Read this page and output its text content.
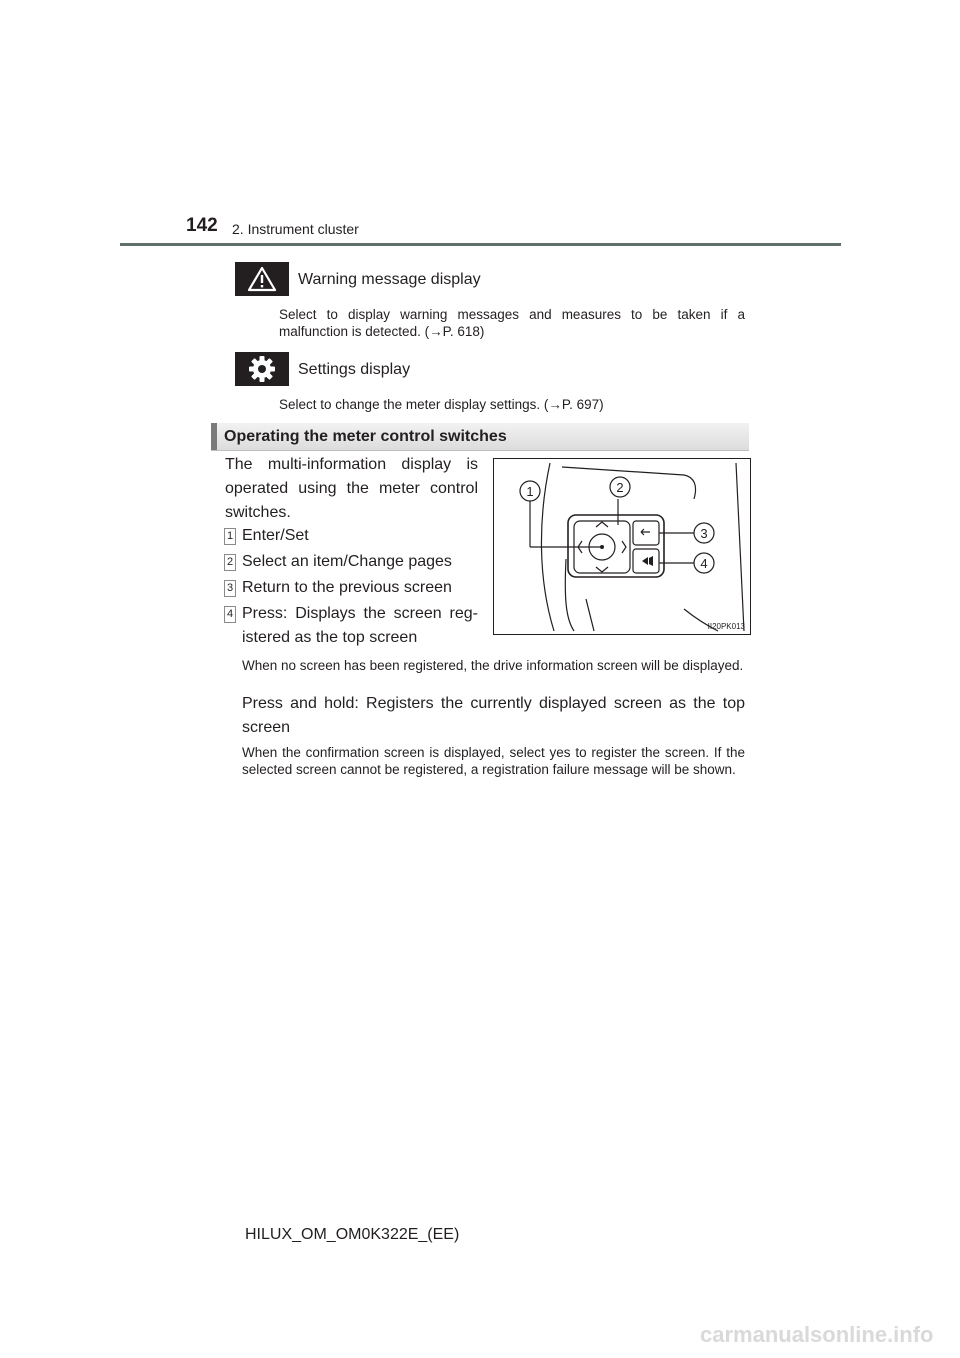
142 2. Instrument cluster
Warning message display
Select to display warning messages and measures to be taken if a malfunction is detected. (→P. 618)
Settings display
Select to change the meter display settings. (→P. 697)
Operating the meter control switches
The multi-information display is operated using the meter control switches.
1 Enter/Set
2 Select an item/Change pages
3 Return to the previous screen
4 Press: Displays the screen reg-istered as the top screen
1	2
3
4
II20PK013
When no screen has been registered, the drive information screen will be displayed.
Press and hold: Registers the currently displayed screen as the top screen
When the confirmation screen is displayed, select yes to register the screen. If the selected screen cannot be registered, a registration failure message will be shown.
HILUX_OM_OM0K322E_(EE)
carmanualsonline.info
